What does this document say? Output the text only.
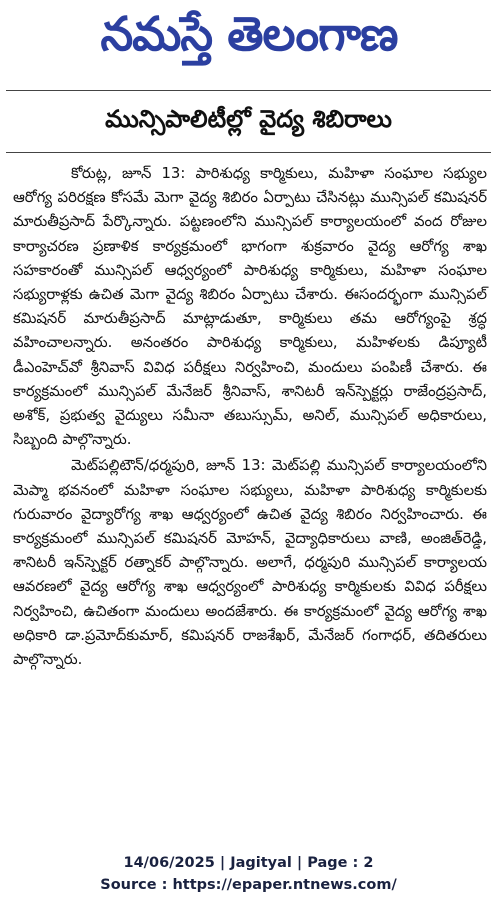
నమస్తే తెలంగాణ
మున్సిపాలిటీల్లో వైద్య శిబిరాలు

కోరుట్ల, జూన్ 13: పారిశుధ్య కార్మికులు, మహిళా సంఘాల సభ్యుల ఆరోగ్య పరిరక్షణ కోసమే మెగా వైద్య శిబిరం ఏర్పాటు చేసినట్లు మున్సిపల్ కమిషనర్ మారుతీప్రసాద్ పేర్కొన్నారు. పట్టణంలోని మున్సిపల్ కార్యాలయంలో వంద రోజుల కార్యాచరణ ప్రణాళిక కార్యక్రమంలో భాగంగా శుక్రవారం వైద్య ఆరోగ్య శాఖ సహకారంతో మున్సిపల్ ఆధ్వర్యంలో పారిశుధ్య కార్మికులు, మహిళా సంఘాల సభ్యురాళ్లకు ఉచిత మెగా వైద్య శిబిరం ఏర్పాటు చేశారు. ఈసందర్భంగా మున్సిపల్ కమిషనర్ మారుతీప్రసాద్ మాట్లాడుతూ, కార్మికులు తమ ఆరోగ్యంపై శ్రద్ధ వహించాలన్నారు. అనంతరం పారిశుధ్య కార్మికులు, మహిళలకు డిప్యూటీ డీఎంహెచ్‌వో శ్రీనివాస్ వివిధ పరీక్షలు నిర్వహించి, మందులు పంపిణీ చేశారు. ఈ కార్యక్రమంలో మున్సిపల్ మేనేజర్ శ్రీనివాస్, శానిటరీ ఇన్‌స్పెక్టర్లు రాజేంద్రప్రసాద్, అశోక్, ప్రభుత్వ వైద్యులు సమీనా తబుస్సుమ్, అనిల్, మున్సిపల్ అధికారులు, సిబ్బంది పాల్గొన్నారు.

మెట్‌పల్లిటౌన్/ధర్మపురి, జూన్ 13: మెట్‌పల్లి మున్సిపల్ కార్యాలయంలోని మెప్మా భవనంలో మహిళా సంఘాల సభ్యులు, మహిళా పారిశుధ్య కార్మికులకు గురువారం వైద్యారోగ్య శాఖ ఆధ్వర్యంలో ఉచిత వైద్య శిబిరం నిర్వహించారు. ఈ కార్యక్రమంలో మున్సిపల్ కమిషనర్ మోహన్, వైద్యాధికారులు వాణి, అంజిత్‌రెడ్డి, శానిటరీ ఇన్‌స్పెక్టర్ రత్నాకర్ పాల్గొన్నారు. అలాగే, ధర్మపురి మున్సిపల్ కార్యాలయ ఆవరణలో వైద్య ఆరోగ్య శాఖ ఆధ్వర్యంలో పారిశుధ్య కార్మికులకు వివిధ పరీక్షలు నిర్వహించి, ఉచితంగా మందులు అందజేశారు. ఈ కార్యక్రమంలో వైద్య ఆరోగ్య శాఖ అధికారి డా.ప్రమోద్‌కుమార్, కమిషనర్ రాజశేఖర్, మేనేజర్ గంగాధర్, తదితరులు పాల్గొన్నారు.

14/06/2025 | Jagityal | Page : 2
Source : https://epaper.ntnews.com/
